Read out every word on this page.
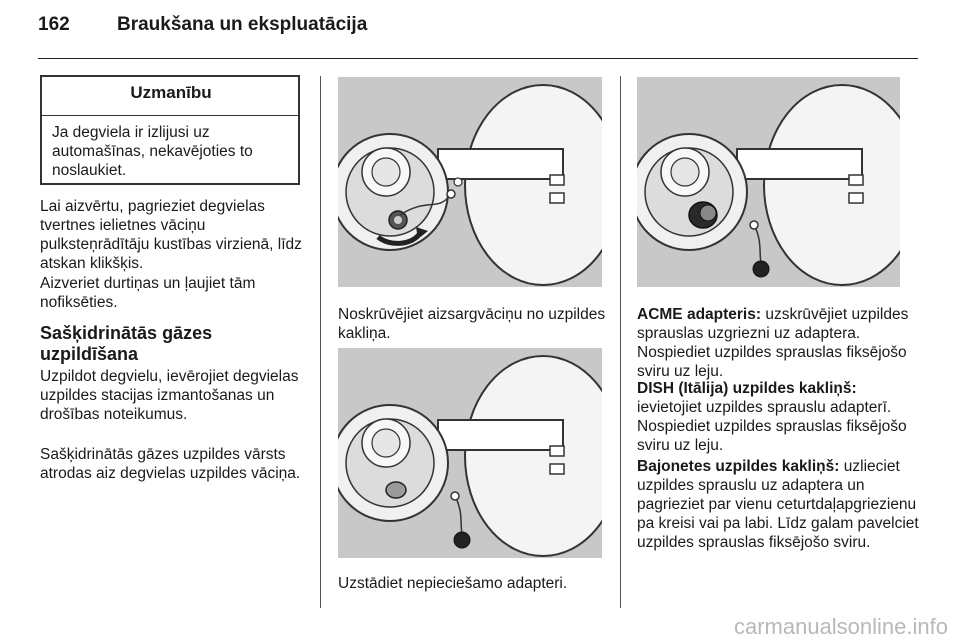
162 Braukšana un ekspluatācija
Uzmanību
Ja degviela ir izlijusi uz automašīnas, nekavējoties to noslaukiet.
Lai aizvērtu, pagrieziet degvielas tvertnes ielietnes vāciņu pulksteņrādītāju kustības virzienā, līdz atskan klikšķis.
Aizveriet durtiņas un ļaujiet tām nofiksēties.
Sašķidrinātās gāzes uzpildīšana
Uzpildot degvielu, ievērojiet degvielas uzpildes stacijas izmantošanas un drošības noteikumus.
Sašķidrinātās gāzes uzpildes vārsts atrodas aiz degvielas uzpildes vāciņa.
Noskrūvējiet aizsargvāciņu no uzpildes kakliņa.
Uzstādiet nepieciešamo adapteri.
ACME adapteris: uzskrūvējiet uzpildes sprauslas uzgriezni uz adaptera. Nospiediet uzpildes sprauslas fiksējošo sviru uz leju.
DISH (Itālija) uzpildes kakliņš: ievietojiet uzpildes sprauslu adapterī. Nospiediet uzpildes sprauslas fiksējošo sviru uz leju.
Bajonetes uzpildes kakliņš: uzlieciet uzpildes sprauslu uz adaptera un pagrieziet par vienu ceturtdaļapgriezienu pa kreisi vai pa labi. Līdz galam pavelciet uzpildes sprauslas fiksējošo sviru.
carmanualsonline.info
